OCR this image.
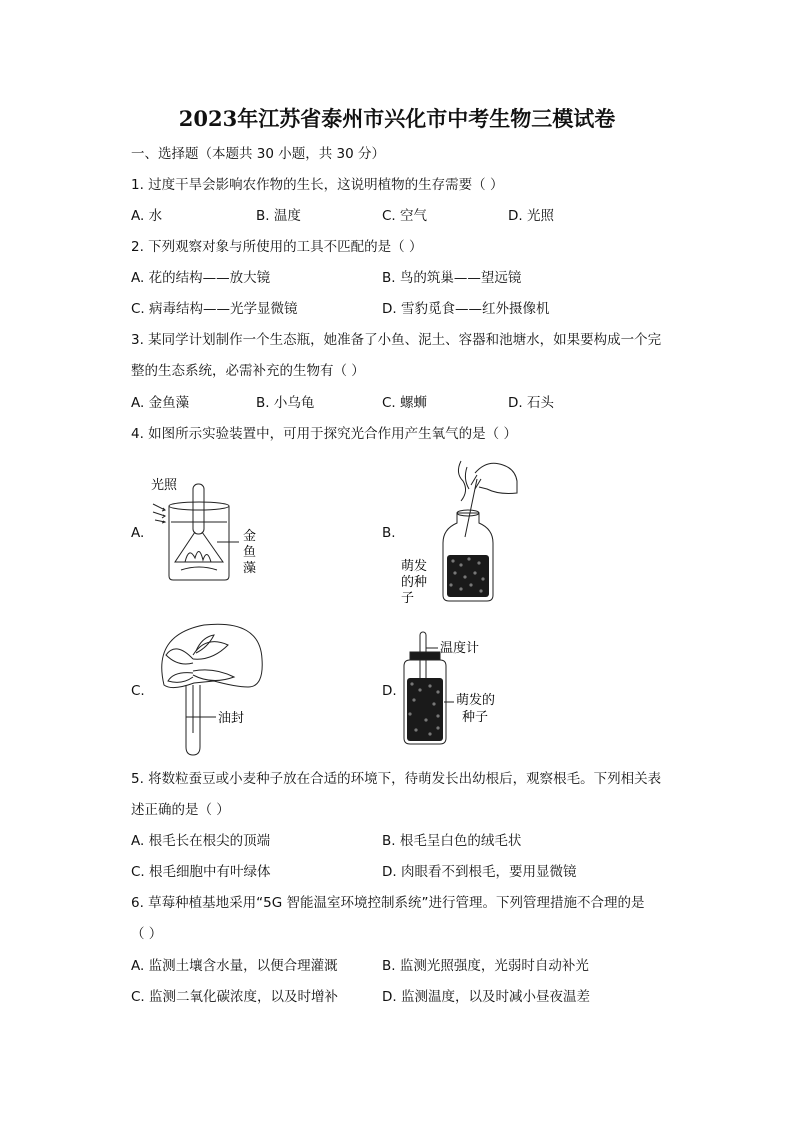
2023年江苏省泰州市兴化市中考生物三模试卷
一、选择题（本题共 30 小题，共 30 分）
1. 过度干旱会影响农作物的生长，这说明植物的生存需要（ ）
A. 水	B. 温度	C. 空气	D. 光照
2. 下列观察对象与所使用的工具不匹配的是（ ）
A. 花的结构——放大镜	B. 鸟的筑巢——望远镜
C. 病毒结构——光学显微镜	D. 雪豹觅食——红外摄像机
3. 某同学计划制作一个生态瓶，她准备了小鱼、泥土、容器和池塘水，如果要构成一个完
整的生态系统，必需补充的生物有（ ）
A. 金鱼藻	B. 小乌龟	C. 螺蛳	D. 石头
4. 如图所示实验装置中，可用于探究光合作用产生氧气的是（ ）
A.
光照
金
鱼
藻
B.
萌发
的种
子
C.
油封
D.
温度计
萌发的
种子
5. 将数粒蚕豆或小麦种子放在合适的环境下，待萌发长出幼根后，观察根毛。下列相关表
述正确的是（ ）
A. 根毛长在根尖的顶端	B. 根毛呈白色的绒毛状
C. 根毛细胞中有叶绿体	D. 肉眼看不到根毛，要用显微镜
6. 草莓种植基地采用“5G 智能温室环境控制系统”进行管理。下列管理措施不合理的是
（ ）
A. 监测土壤含水量，以便合理灌溉	B. 监测光照强度，光弱时自动补光
C. 监测二氧化碳浓度，以及时增补	D. 监测温度，以及时减小昼夜温差
